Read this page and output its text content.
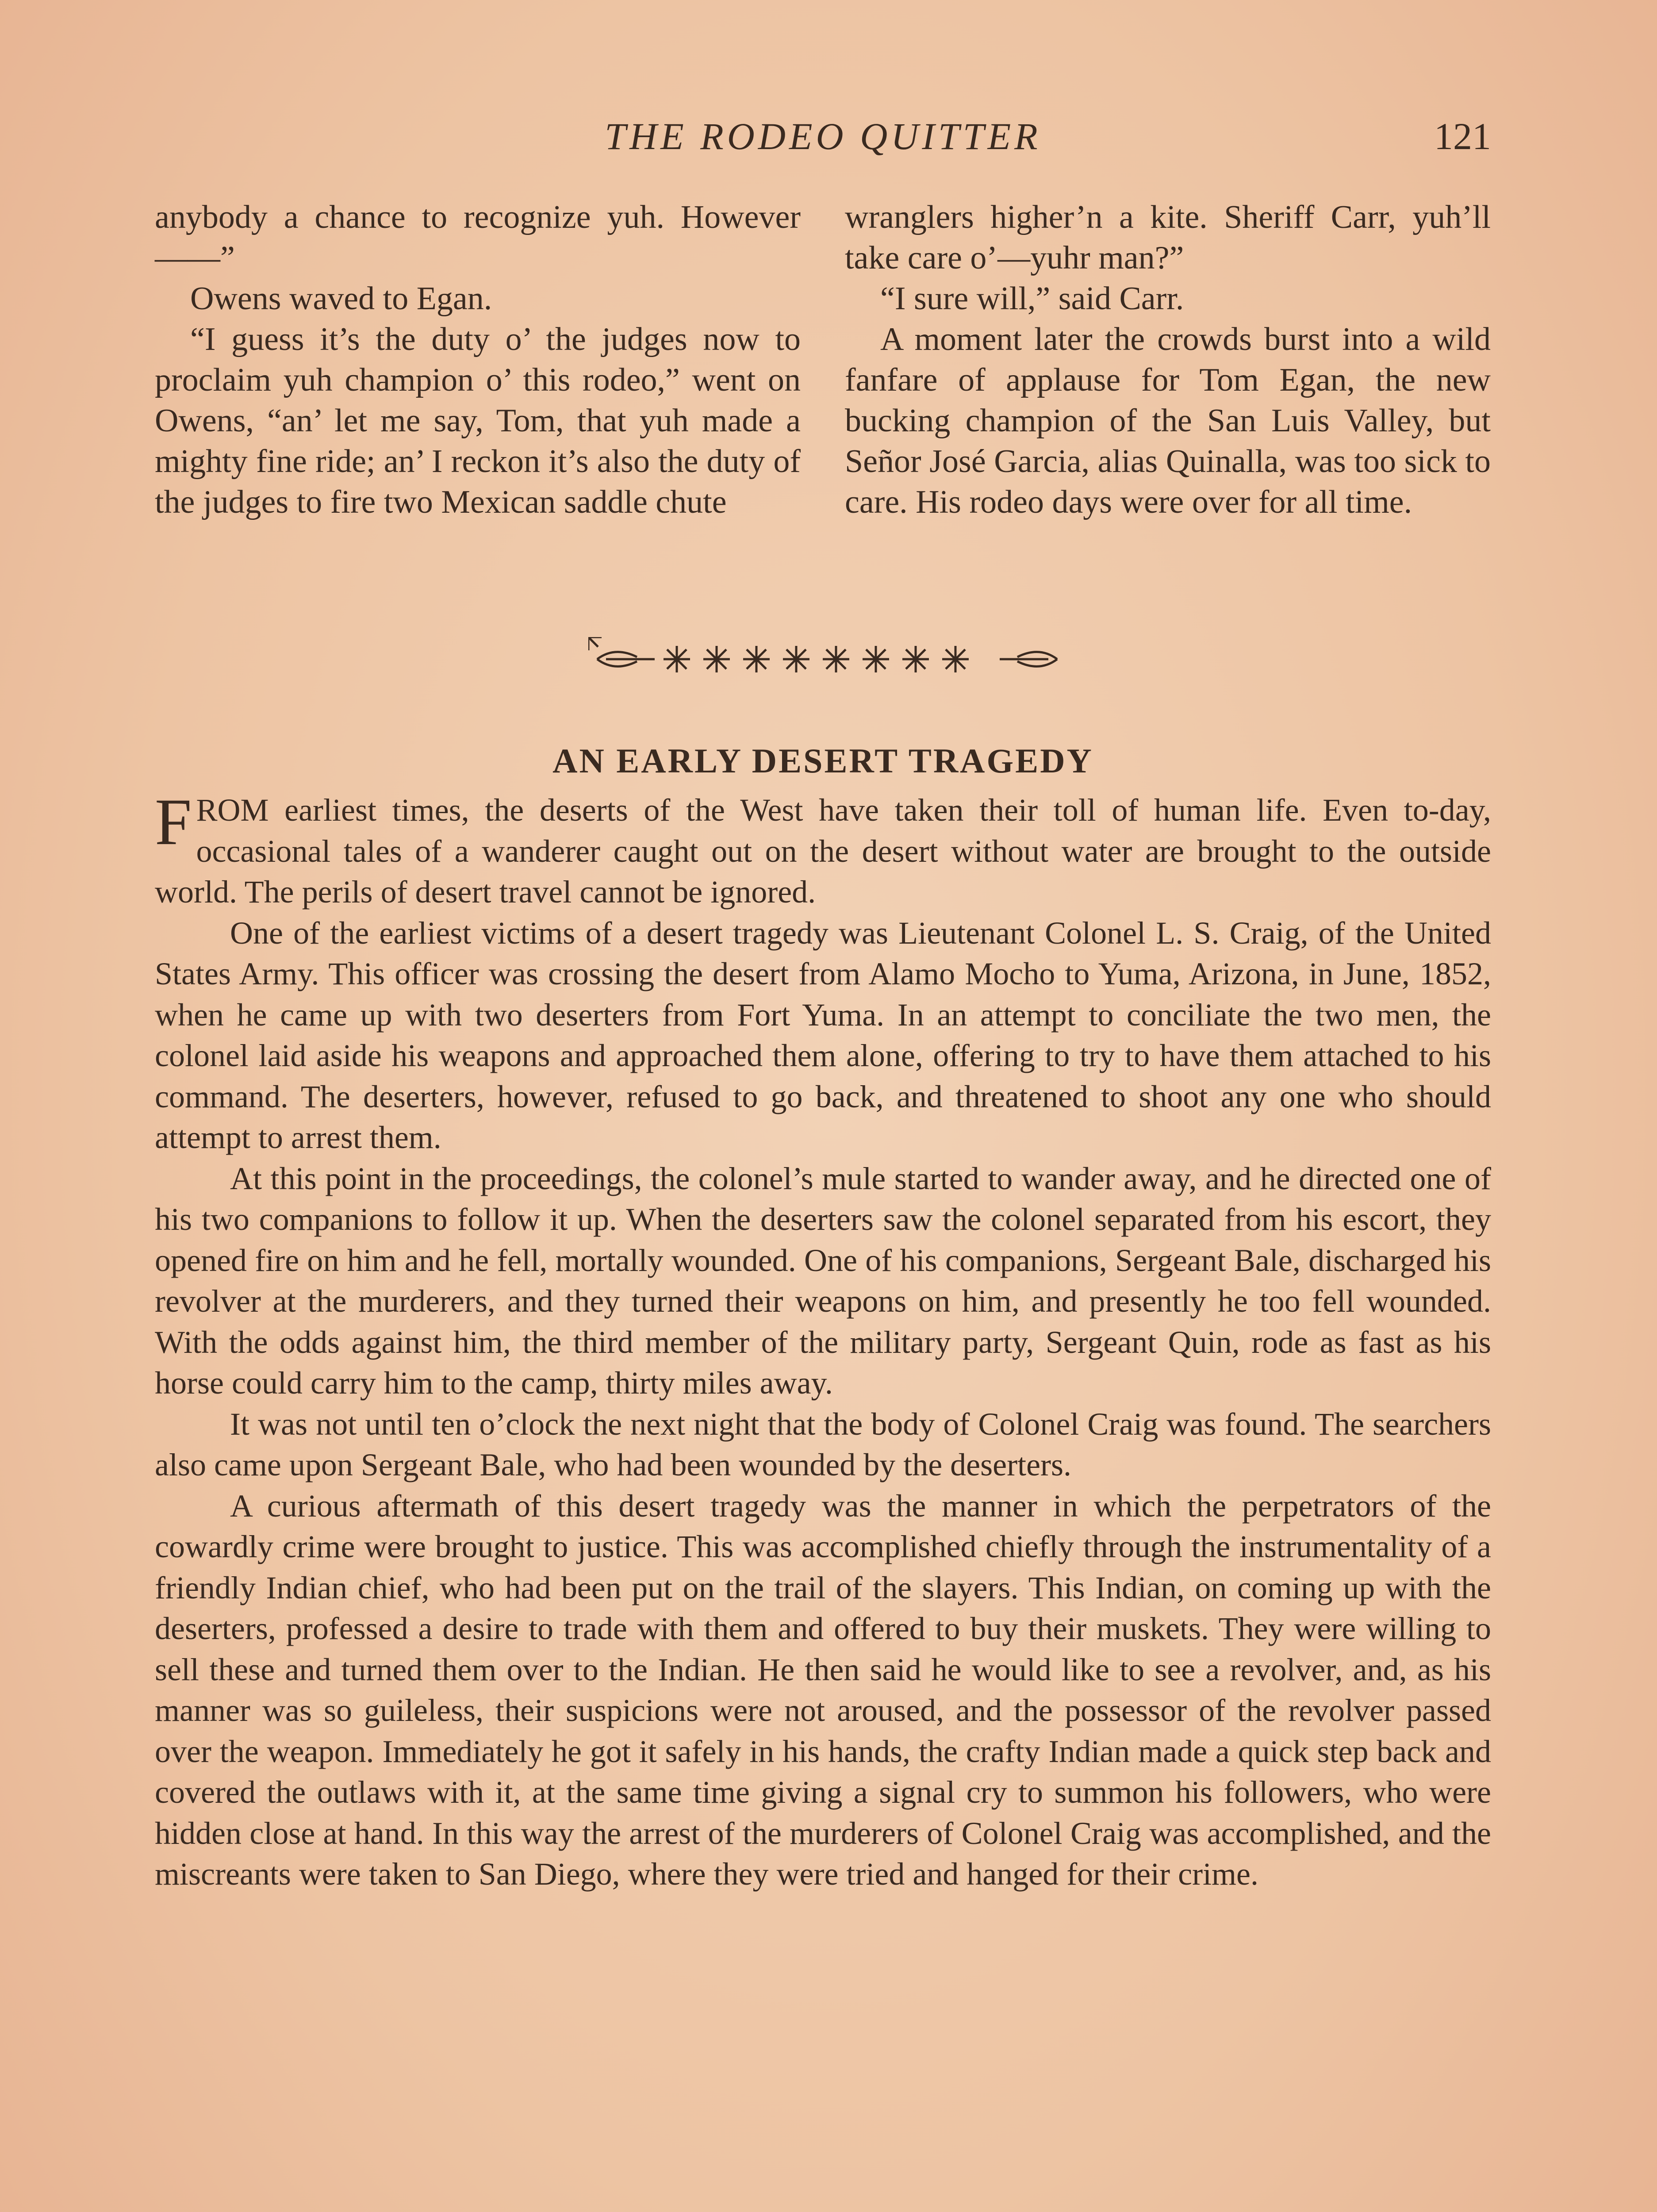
THE RODEO QUITTER	121

anybody a chance to recognize yuh. However——”

Owens waved to Egan.

“I guess it’s the duty o’ the judges now to proclaim yuh champion o’ this rodeo,” went on Owens, “an’ let me say, Tom, that yuh made a mighty fine ride; an’ I reckon it’s also the duty of the judges to fire two Mexican saddle chute

wranglers higher’n a kite. Sheriff Carr, yuh’ll take care o’—yuhr man?”

“I sure will,” said Carr.

A moment later the crowds burst into a wild fanfare of applause for Tom Egan, the new bucking champion of the San Luis Valley, but Señor José Garcia, alias Quinalla, was too sick to care. His rodeo days were over for all time.

AN EARLY DESERT TRAGEDY

FROM earliest times, the deserts of the West have taken their toll of human life. Even to-day, occasional tales of a wanderer caught out on the desert without water are brought to the outside world. The perils of desert travel cannot be ignored.

One of the earliest victims of a desert tragedy was Lieutenant Colonel L. S. Craig, of the United States Army. This officer was crossing the desert from Alamo Mocho to Yuma, Arizona, in June, 1852, when he came up with two deserters from Fort Yuma. In an attempt to conciliate the two men, the colonel laid aside his weapons and approached them alone, offering to try to have them attached to his command. The deserters, however, refused to go back, and threatened to shoot any one who should attempt to arrest them.

At this point in the proceedings, the colonel’s mule started to wander away, and he directed one of his two companions to follow it up. When the deserters saw the colonel separated from his escort, they opened fire on him and he fell, mortally wounded. One of his companions, Sergeant Bale, discharged his revolver at the murderers, and they turned their weapons on him, and presently he too fell wounded. With the odds against him, the third member of the military party, Sergeant Quin, rode as fast as his horse could carry him to the camp, thirty miles away.

It was not until ten o’clock the next night that the body of Colonel Craig was found. The searchers also came upon Sergeant Bale, who had been wounded by the deserters.

A curious aftermath of this desert tragedy was the manner in which the perpetrators of the cowardly crime were brought to justice. This was accomplished chiefly through the instrumentality of a friendly Indian chief, who had been put on the trail of the slayers. This Indian, on coming up with the deserters, professed a desire to trade with them and offered to buy their muskets. They were willing to sell these and turned them over to the Indian. He then said he would like to see a revolver, and, as his manner was so guileless, their suspicions were not aroused, and the possessor of the revolver passed over the weapon. Immediately he got it safely in his hands, the crafty Indian made a quick step back and covered the outlaws with it, at the same time giving a signal cry to summon his followers, who were hidden close at hand. In this way the arrest of the murderers of Colonel Craig was accomplished, and the miscreants were taken to San Diego, where they were tried and hanged for their crime.
